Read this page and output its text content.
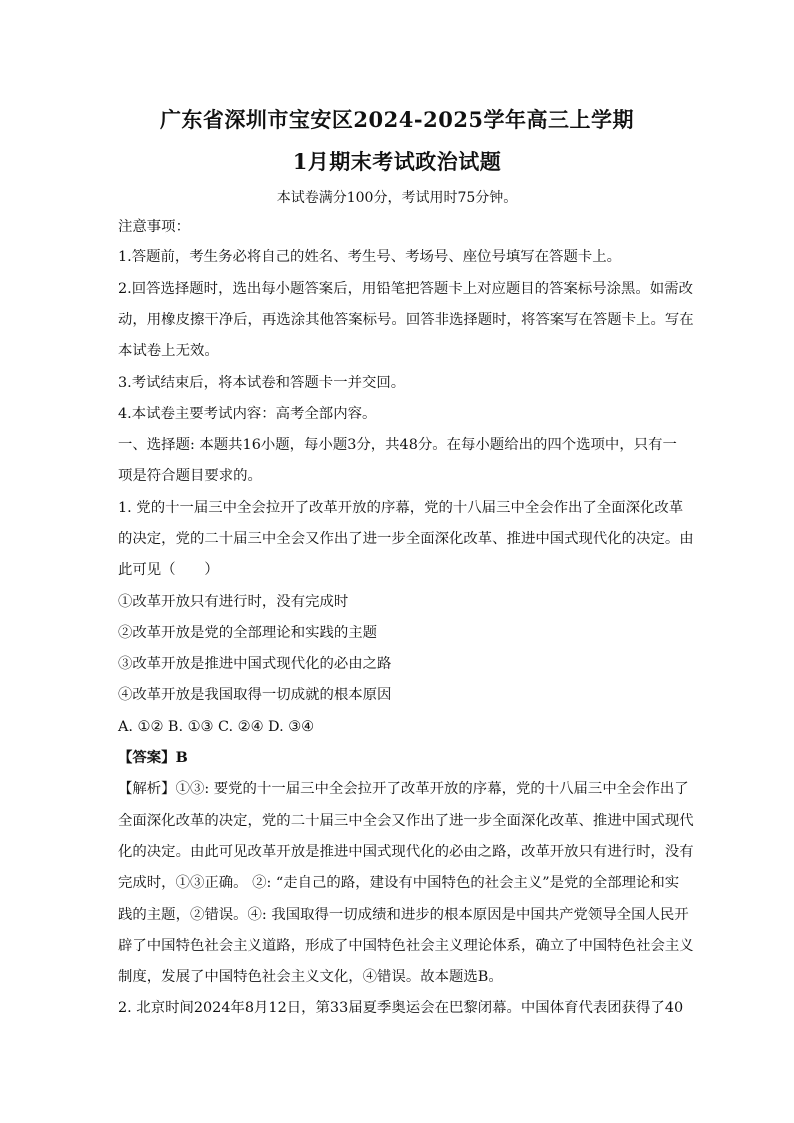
广东省深圳市宝安区2024-2025学年高三上学期
1月期末考试政治试题
本试卷满分100分，考试用时75分钟。
注意事项：
1.答题前，考生务必将自己的姓名、考生号、考场号、座位号填写在答题卡上。
2.回答选择题时，选出每小题答案后，用铅笔把答题卡上对应题目的答案标号涂黑。如需改
动，用橡皮擦干净后，再选涂其他答案标号。回答非选择题时，将答案写在答题卡上。写在
本试卷上无效。
3.考试结束后，将本试卷和答题卡一并交回。
4.本试卷主要考试内容：高考全部内容。
一、选择题: 本题共16小题，每小题3分，共48分。在每小题给出的四个选项中，只有一
项是符合题目要求的。
1. 党的十一届三中全会拉开了改革开放的序幕，党的十八届三中全会作出了全面深化改革
的决定，党的二十届三中全会又作出了进一步全面深化改革、推进中国式现代化的决定。由
此可见（　　）
①改革开放只有进行时，没有完成时
②改革开放是党的全部理论和实践的主题
③改革开放是推进中国式现代化的必由之路
④改革开放是我国取得一切成就的根本原因
A. ①② B. ①③ C. ②④ D. ③④
【答案】B
【解析】①③: 要党的十一届三中全会拉开了改革开放的序幕，党的十八届三中全会作出了
全面深化改革的决定，党的二十届三中全会又作出了进一步全面深化改革、推进中国式现代
化的决定。由此可见改革开放是推进中国式现代化的必由之路，改革开放只有进行时，没有
完成时，①③正确。 ②: “走自己的路，建设有中国特色的社会主义”是党的全部理论和实
践的主题，②错误。④: 我国取得一切成绩和进步的根本原因是中国共产党领导全国人民开
辟了中国特色社会主义道路，形成了中国特色社会主义理论体系，确立了中国特色社会主义
制度，发展了中国特色社会主义文化，④错误。故本题选B。
2. 北京时间2024年8月12日，第33届夏季奥运会在巴黎闭幕。中国体育代表团获得了40
